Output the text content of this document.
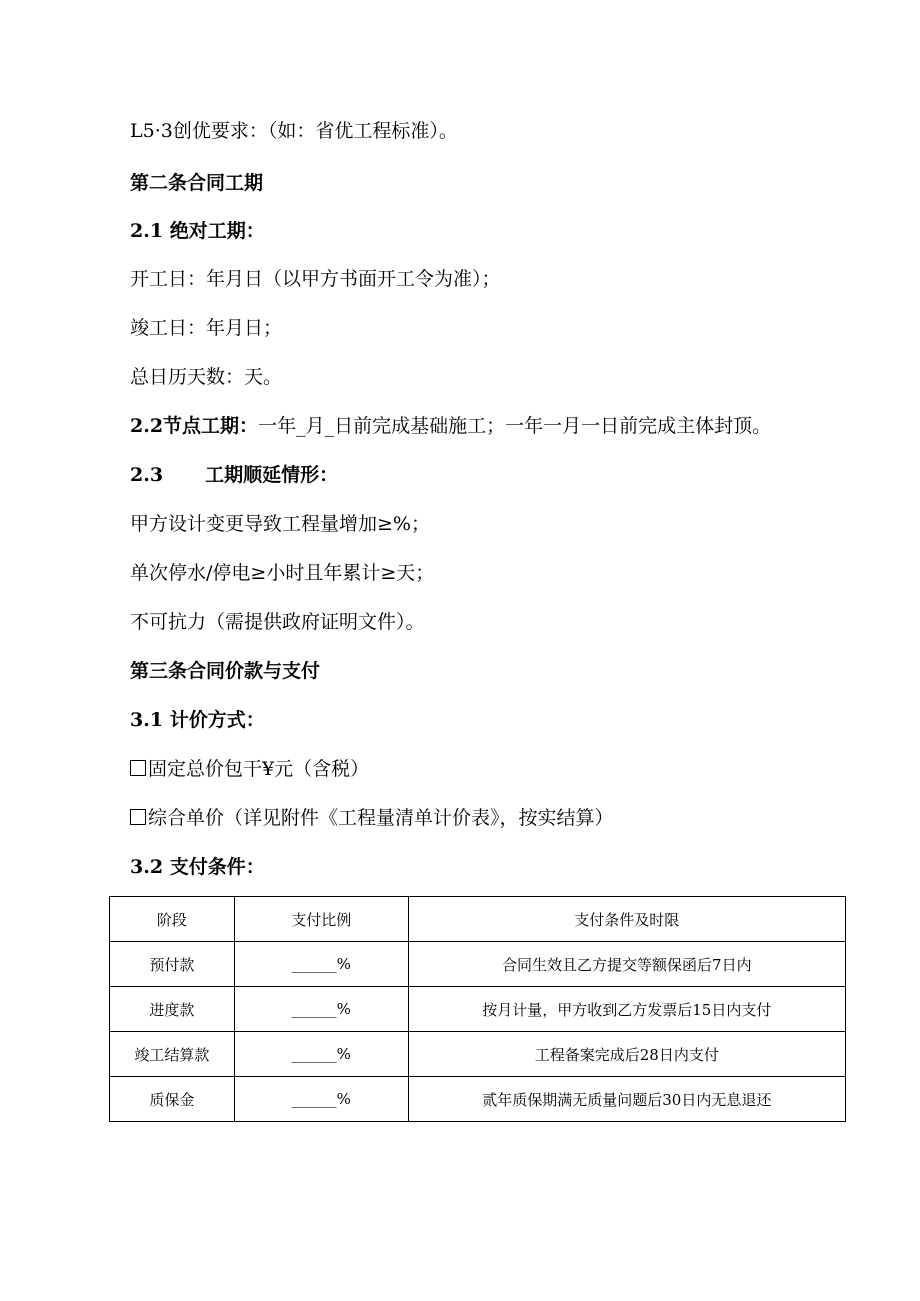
L5·3创优要求：（如：省优工程标准）。
第二条合同工期
2.1 绝对工期：
开工日：年月日（以甲方书面开工令为准）；
竣工日：年月日；
总日历天数：天。
2.2节点工期：一年_月_日前完成基础施工；一年一月一日前完成主体封顶。
2.3 工期顺延情形：
甲方设计变更导致工程量增加≥%；
单次停水/停电≥小时且年累计≥天；
不可抗力（需提供政府证明文件）。
第三条合同价款与支付
3.1 计价方式：
固定总价包干¥元（含税）
综合单价（详见附件《工程量清单计价表》，按实结算）
3.2 支付条件：
阶段	支付比例	支付条件及时限
预付款	______%	合同生效且乙方提交等额保函后7日内
进度款	______%	按月计量，甲方收到乙方发票后15日内支付
竣工结算款	______%	工程备案完成后28日内支付
质保金	______%	贰年质保期满无质量问题后30日内无息退还
